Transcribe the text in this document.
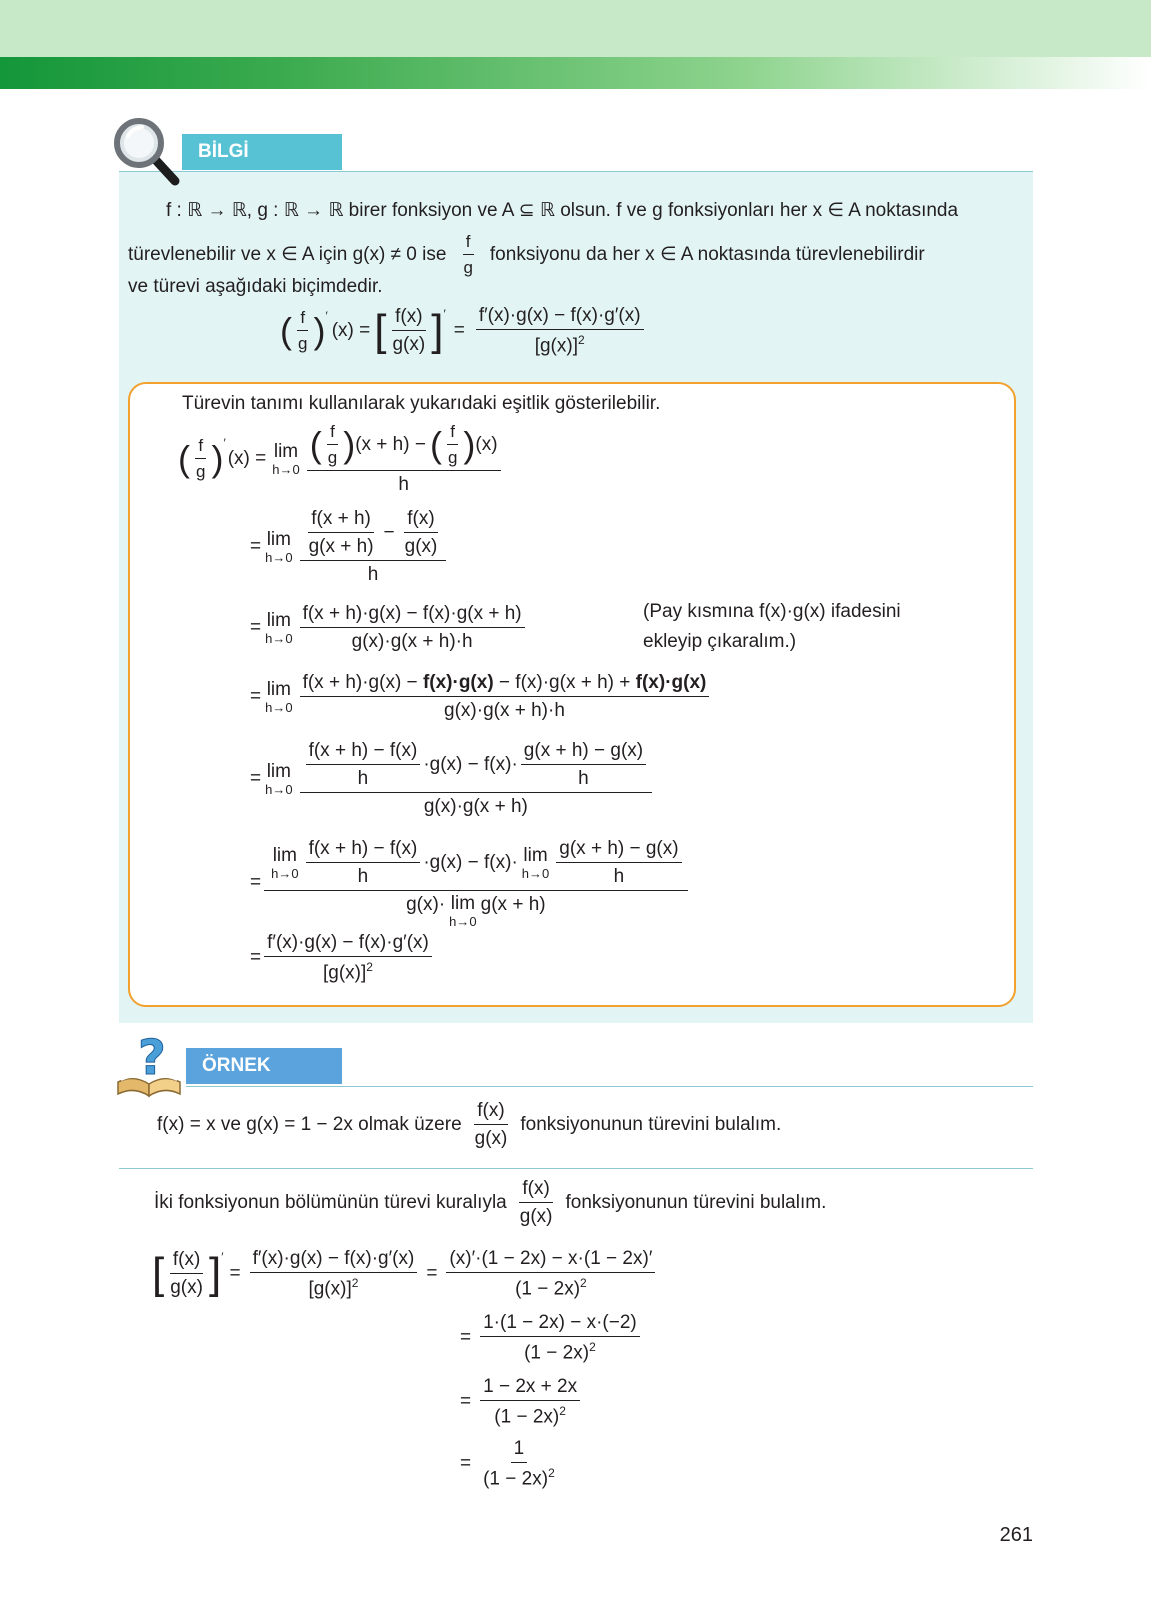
BİLGİ
f : ℝ → ℝ, g : ℝ → ℝ birer fonksiyon ve A ⊆ ℝ olsun. f ve g fonksiyonları her x ∈ A noktasında
türevlenebilir ve x ∈ A için g(x) ≠ 0 ise $\frac{f}{g}$ fonksiyonu da her x ∈ A noktasında türevlenebilirdir
ve türevi aşağıdaki biçimdedir.
( $\frac{f}{g} )'$
(x) = [ $\frac{f(x)}{g(x)} ]'$
= $\frac{f'(x)\cdot g(x) - f(x)\cdot g'(x)}{[g(x)]^2}$
Türevin tanımı kullanılarak yukarıdaki eşitlik gösterilebilir.
( $\frac{f}{g} )'$
(x) = lim
$h\to 0 \frac{( \frac{f}{g} ) (x + h) - ( \frac{f}{g} ) (x)}{h}$
= lim
$h\to 0 \frac{\frac{f(x + h)}{g(x + h)} - \frac{f(x)}{g(x)}}{h}$
= lim
$h\to 0 \frac{f(x + h)\cdot g(x) - f(x)\cdot g(x + h)}{g(x)\cdot g(x + h)\cdot h}$	(Pay kısmına f(x)·g(x) ifadesini
ekleyip çıkaralım.)
= lim
$h\to 0 \frac{f(x + h)\cdot g(x) - f(x)\cdot g(x) - f(x)\cdot g(x + h) + f(x)\cdot g(x)}{g(x)\cdot g(x + h)\cdot h}$
= lim
$h\to 0 \frac{\frac{f(x + h) - f(x)}{h} \cdot g(x) - f(x)\cdot \frac{g(x + h) - g(x)}{h}}{g(x)\cdot g(x + h)}$
=
lim
$h\to 0 \frac{f(x + h) - f(x)}{h} \cdot g(x) - f(x)\cdot \lim$
$h\to 0 \frac{g(x + h) - g(x)}{h}$
g(x)· lim
h→0
g(x + h)
= $\frac{f'(x)\cdot g(x) - f(x)\cdot g'(x)}{[g(x)]^2}$
?	ÖRNEK
f(x) = x ve g(x) = 1 − 2x olmak üzere $\frac{f(x)}{g(x)}$ fonksiyonunun türevini bulalım.
İki fonksiyonun bölümünün türevi kuralıyla $\frac{f(x)}{g(x)}$ fonksiyonunun türevini bulalım.
[ $\frac{f(x)}{g(x)} ]'$
= $\frac{f'(x)\cdot g(x) - f(x)\cdot g'(x)}{[g(x)]^2} = \frac{(x)'\cdot(1 - 2x) - x\cdot(1 - 2x)'}{(1 - 2x)^2}$
= $\frac{1\cdot(1 - 2x) - x\cdot(-2)}{(1 - 2x)^2}$
= $\frac{1 - 2x + 2x}{(1 - 2x)^2}$
= $\frac{1}{(1 - 2x)^2}$
261
